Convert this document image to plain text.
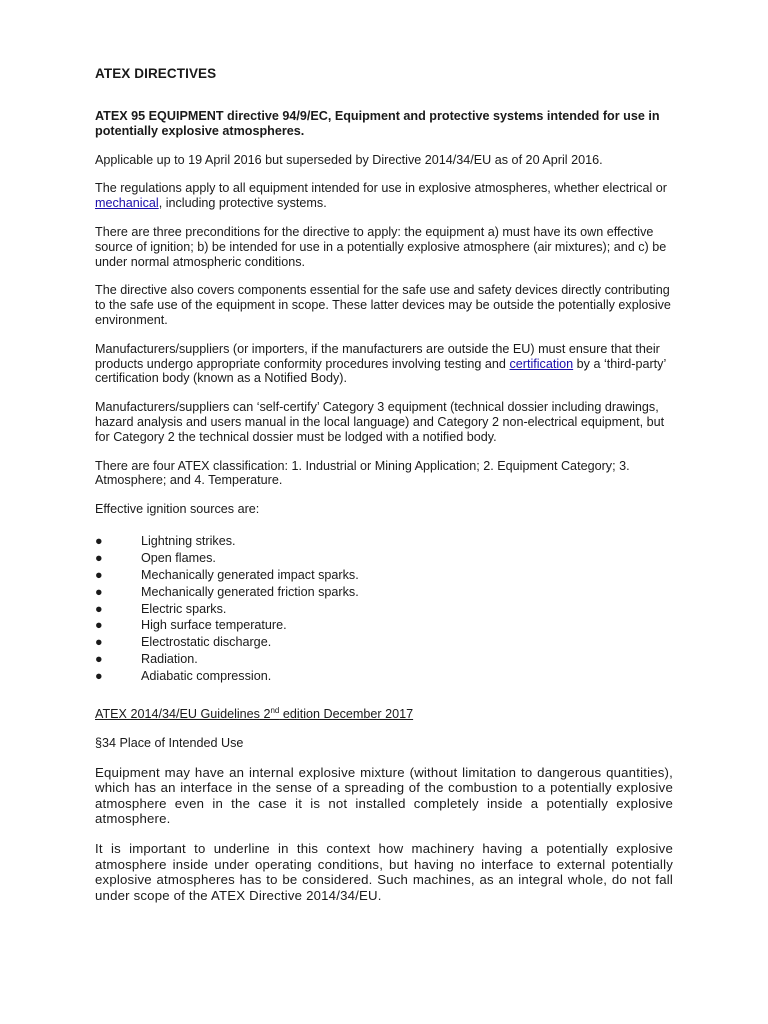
ATEX DIRECTIVES

ATEX 95 EQUIPMENT directive 94/9/EC, Equipment and protective systems intended for use in potentially explosive atmospheres.

Applicable up to 19 April 2016 but superseded by Directive 2014/34/EU as of 20 April 2016.

The regulations apply to all equipment intended for use in explosive atmospheres, whether electrical or mechanical, including protective systems.

There are three preconditions for the directive to apply: the equipment a) must have its own effective source of ignition; b) be intended for use in a potentially explosive atmosphere (air mixtures); and c) be under normal atmospheric conditions.

The directive also covers components essential for the safe use and safety devices directly contributing to the safe use of the equipment in scope. These latter devices may be outside the potentially explosive environment.

Manufacturers/suppliers (or importers, if the manufacturers are outside the EU) must ensure that their products undergo appropriate conformity procedures involving testing and certification by a ‘third-party’ certification body (known as a Notified Body).

Manufacturers/suppliers can ‘self-certify’ Category 3 equipment (technical dossier including drawings, hazard analysis and users manual in the local language) and Category 2 non-electrical equipment, but for Category 2 the technical dossier must be lodged with a notified body.

There are four ATEX classification: 1. Industrial or Mining Application; 2. Equipment Category; 3. Atmosphere; and 4. Temperature.

Effective ignition sources are:

●	Lightning strikes.
●	Open flames.
●	Mechanically generated impact sparks.
●	Mechanically generated friction sparks.
●	Electric sparks.
●	High surface temperature.
●	Electrostatic discharge.
●	Radiation.
●	Adiabatic compression.

ATEX 2014/34/EU Guidelines 2nd edition December 2017

§34 Place of Intended Use

Equipment may have an internal explosive mixture (without limitation to dangerous quantities), which has an interface in the sense of a spreading of the combustion to a potentially explosive atmosphere even in the case it is not installed completely inside a potentially explosive atmosphere.

It is important to underline in this context how machinery having a potentially explosive atmosphere inside under operating conditions, but having no interface to external potentially explosive atmospheres has to be considered. Such machines, as an integral whole, do not fall under scope of the ATEX Directive 2014/34/EU.
